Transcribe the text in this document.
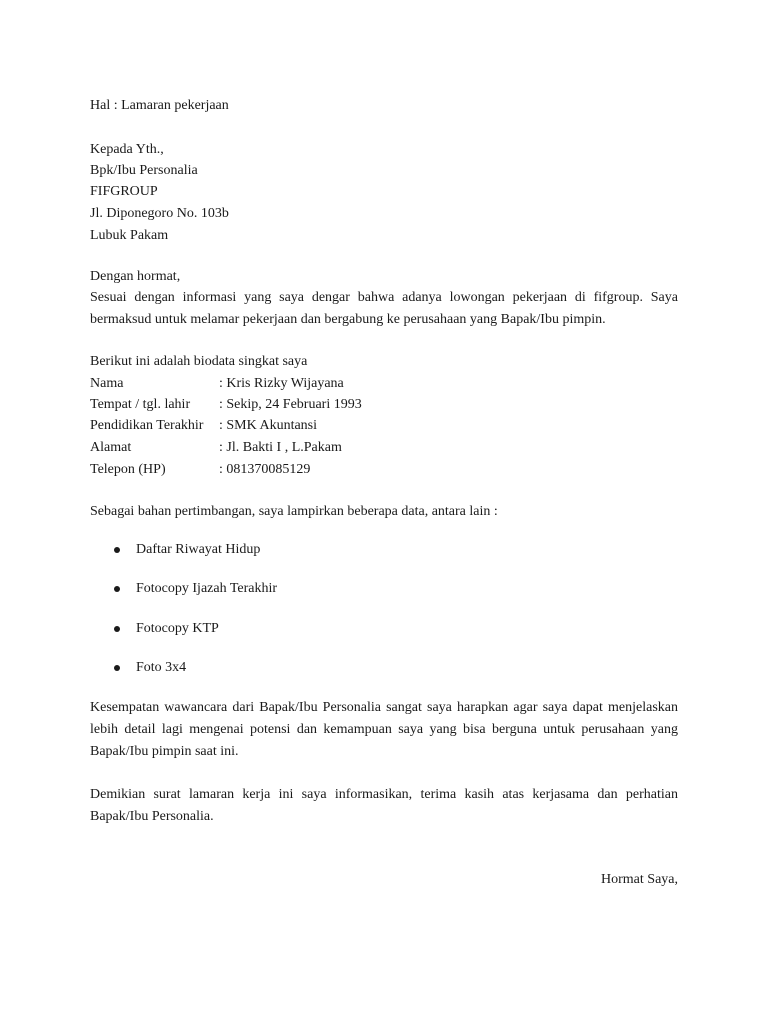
Hal : Lamaran pekerjaan
Kepada Yth.,
Bpk/Ibu Personalia
FIFGROUP
Jl. Diponegoro No. 103b
Lubuk Pakam
Dengan hormat,
Sesuai dengan informasi yang saya dengar bahwa adanya lowongan pekerjaan di fifgroup. Saya bermaksud untuk melamar pekerjaan dan bergabung ke perusahaan yang Bapak/Ibu pimpin.
Berikut ini adalah biodata singkat saya
Nama	: Kris Rizky Wijayana
Tempat / tgl. lahir : Sekip, 24 Februari 1993
Pendidikan Terakhir : SMK Akuntansi
Alamat	: Jl. Bakti I , L.Pakam
Telepon (HP)	: 081370085129
Sebagai bahan pertimbangan, saya lampirkan beberapa data, antara lain :
Daftar Riwayat Hidup
Fotocopy Ijazah Terakhir
Fotocopy KTP
Foto 3x4
Kesempatan wawancara dari Bapak/Ibu Personalia sangat saya harapkan agar saya dapat menjelaskan lebih detail lagi mengenai potensi dan kemampuan saya yang bisa berguna untuk perusahaan yang Bapak/Ibu pimpin saat ini.
Demikian surat lamaran kerja ini saya informasikan, terima kasih atas kerjasama dan perhatian Bapak/Ibu Personalia.
Hormat Saya,
